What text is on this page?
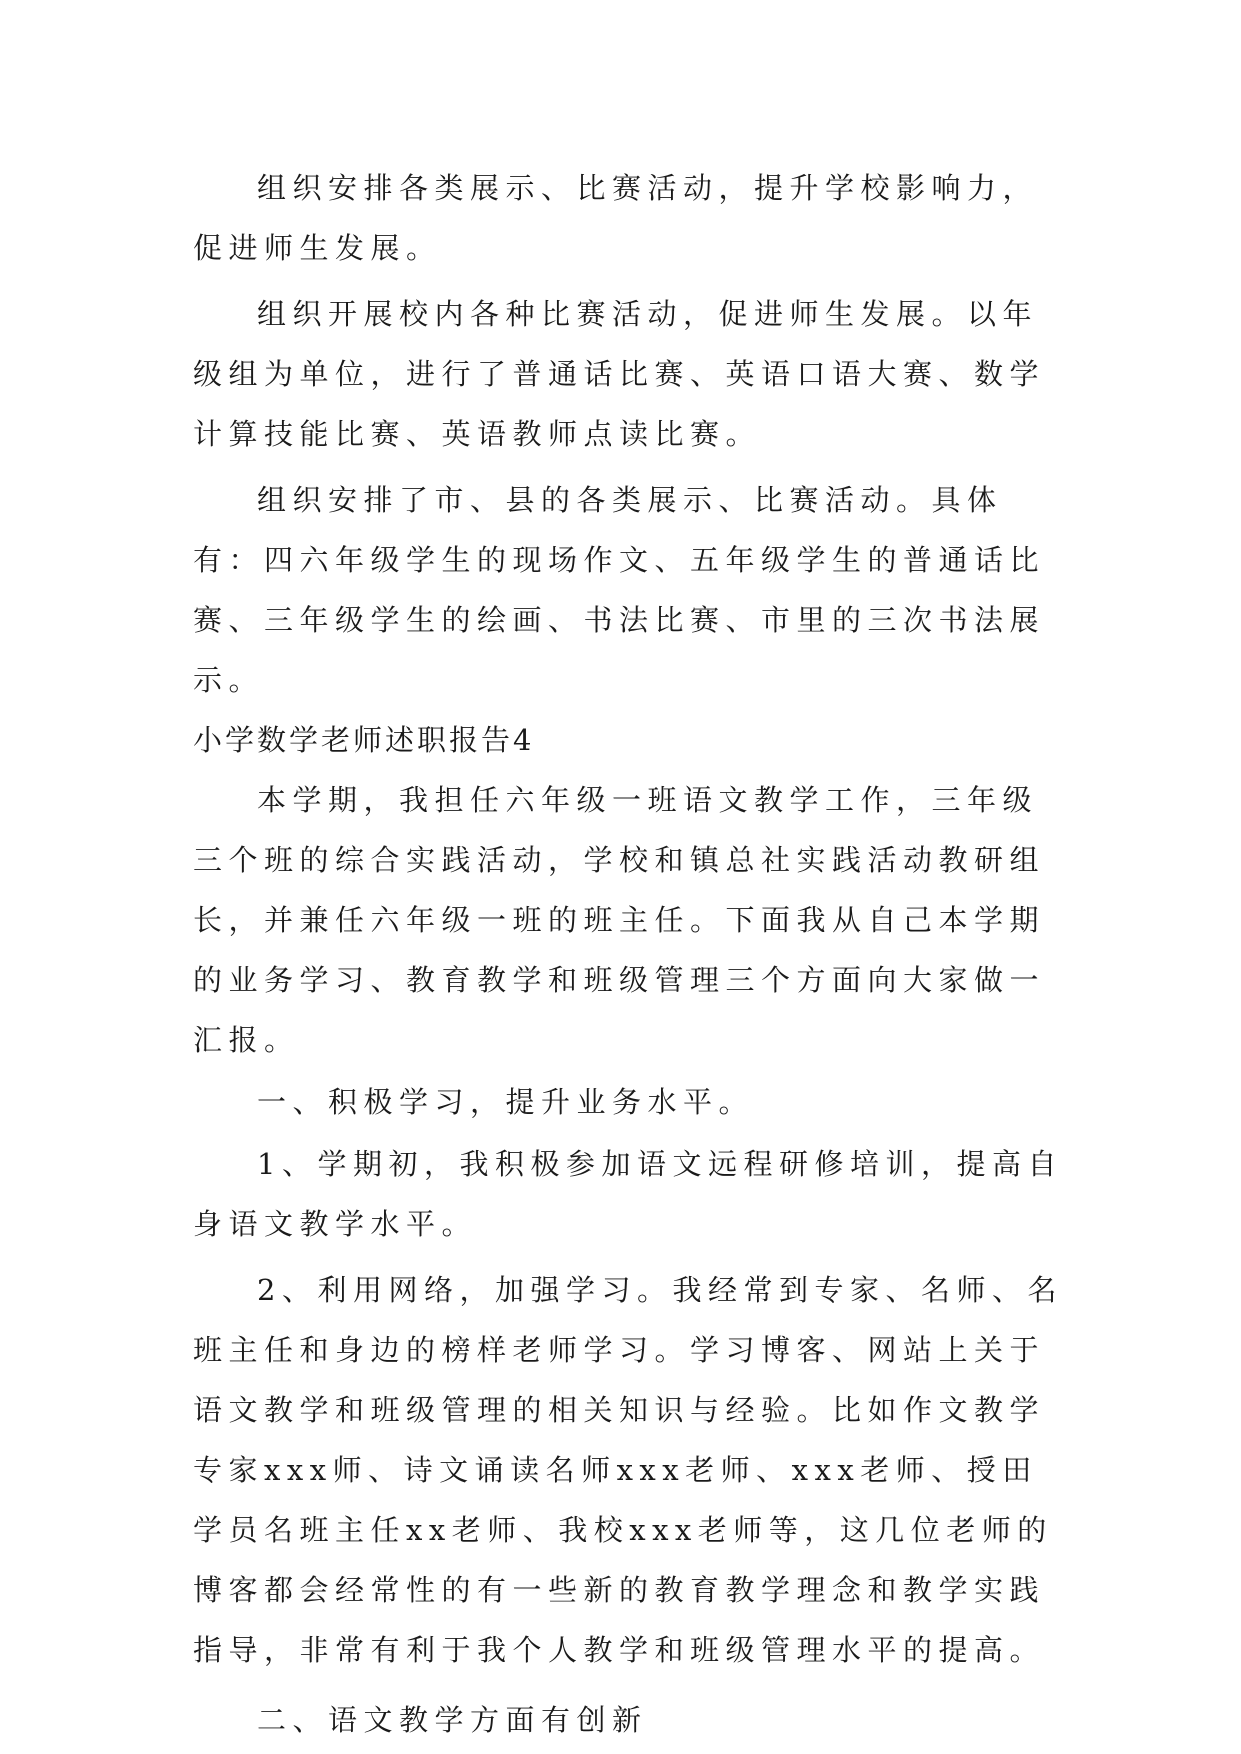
组织安排各类展示、比赛活动，提升学校影响力，促进师生发展。

组织开展校内各种比赛活动，促进师生发展。以年级组为单位，进行了普通话比赛、英语口语大赛、数学计算技能比赛、英语教师点读比赛。

组织安排了市、县的各类展示、比赛活动。具体有：四六年级学生的现场作文、五年级学生的普通话比赛、三年级学生的绘画、书法比赛、市里的三次书法展示。

小学数学老师述职报告4

本学期，我担任六年级一班语文教学工作，三年级三个班的综合实践活动，学校和镇总社实践活动教研组长，并兼任六年级一班的班主任。下面我从自己本学期的业务学习、教育教学和班级管理三个方面向大家做一汇报。

一、积极学习，提升业务水平。

1、学期初，我积极参加语文远程研修培训，提高自身语文教学水平。

2、利用网络，加强学习。我经常到专家、名师、名班主任和身边的榜样老师学习。学习博客、网站上关于语文教学和班级管理的相关知识与经验。比如作文教学专家xxx师、诗文诵读名师xxx老师、xxx老师、授田学员名班主任xx老师、我校xxx老师等，这几位老师的博客都会经常性的有一些新的教育教学理念和教学实践指导，非常有利于我个人教学和班级管理水平的提高。

二、语文教学方面有创新
